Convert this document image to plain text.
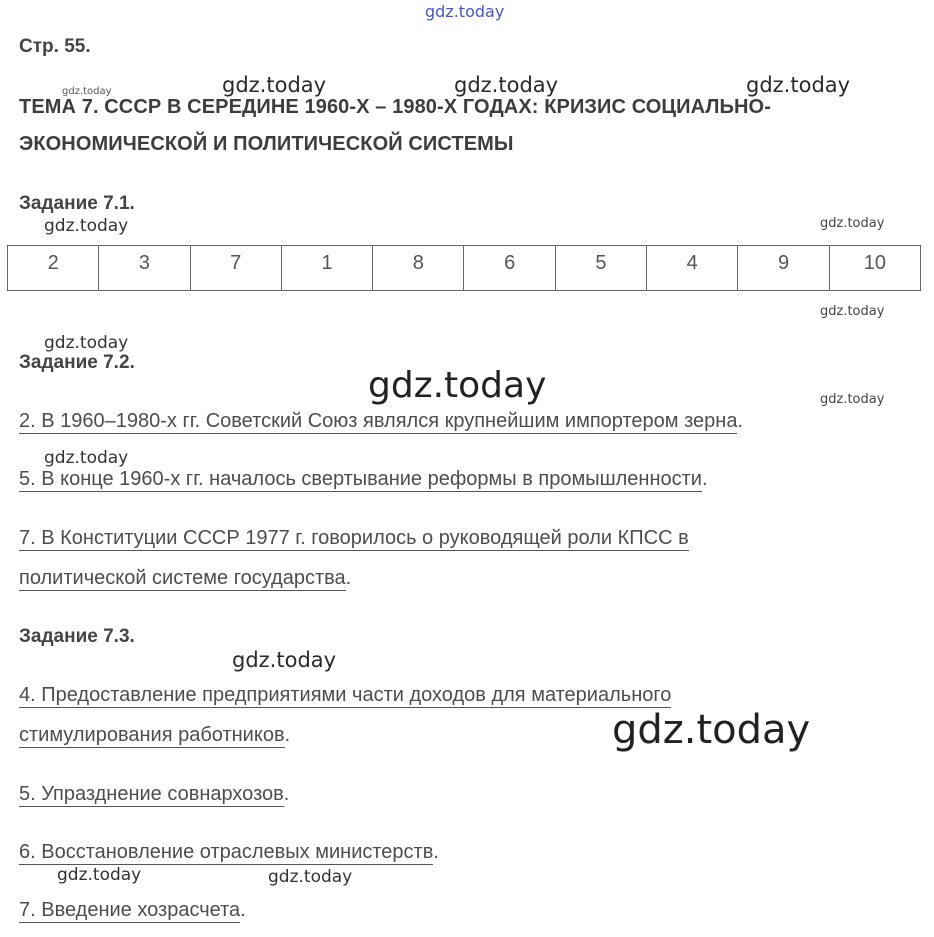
gdz.today
Стр. 55.
gdz.today	gdz.today	gdz.today	gdz.today
ТЕМА 7. СССР В СЕРЕДИНЕ 1960-Х – 1980-Х ГОДАХ: КРИЗИС СОЦИАЛЬНО-
ЭКОНОМИЧЕСКОЙ И ПОЛИТИЧЕСКОЙ СИСТЕМЫ
Задание 7.1.
gdz.today	gdz.today
2	3	7	1	8	6	5	4	9	10
gdz.today
gdz.today
Задание 7.2.
gdz.today	gdz.today
2. В 1960–1980-х гг. Советский Союз являлся крупнейшим импортером зерна.
gdz.today
5. В конце 1960-х гг. началось свертывание реформы в промышленности.
7. В Конституции СССР 1977 г. говорилось о руководящей роли КПСС в
политической системе государства.
Задание 7.3.
gdz.today
4. Предоставление предприятиями части доходов для материального
gdz.today
стимулирования работников.
5. Упразднение совнархозов.
6. Восстановление отраслевых министерств.
gdz.today	gdz.today
7. Введение хозрасчета.
